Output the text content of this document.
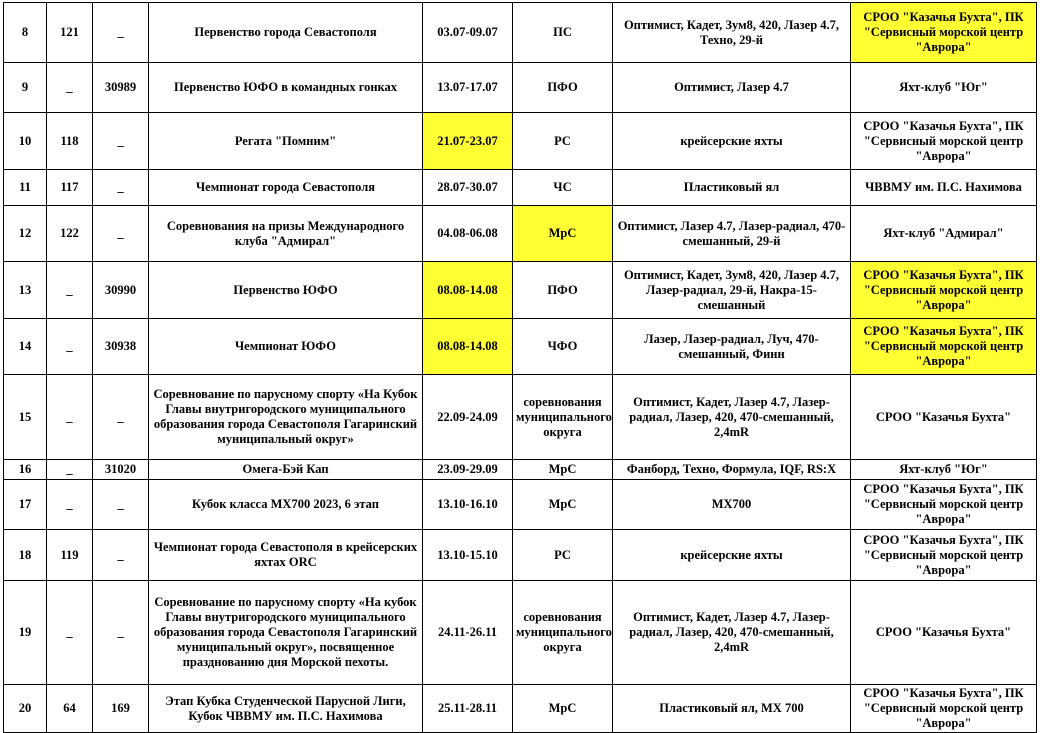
8	121	_	Первенство города Севастополя	03.07-09.07	ПС	Оптимист, Кадет, Зум8, 420, Лазер 4.7, Техно, 29-й	СРОО "Казачья Бухта", ПК "Сервисный морской центр "Аврора"
9	_	30989	Первенство ЮФО в командных гонках	13.07-17.07	ПФО	Оптимист, Лазер 4.7	Яхт-клуб "Юг"
10	118	_	Регата "Помним"	21.07-23.07	РС	крейсерские яхты	СРОО "Казачья Бухта", ПК "Сервисный морской центр "Аврора"
11	117	_	Чемпионат города Севастополя	28.07-30.07	ЧС	Пластиковый ял	ЧВВМУ им. П.С. Нахимова
12	122	_	Соревнования на призы Международного клуба "Адмирал"	04.08-06.08	МрС	Оптимист, Лазер 4.7, Лазер-радиал, 470-смешанный, 29-й	Яхт-клуб "Адмирал"
13	_	30990	Первенство ЮФО	08.08-14.08	ПФО	Оптимист, Кадет, Зум8, 420, Лазер 4.7, Лазер-радиал, 29-й, Накра-15-смешанный	СРОО "Казачья Бухта", ПК "Сервисный морской центр "Аврора"
14	_	30938	Чемпионат ЮФО	08.08-14.08	ЧФО	Лазер, Лазер-радиал, Луч, 470-смешанный, Финн	СРОО "Казачья Бухта", ПК "Сервисный морской центр "Аврора"
15	_	_	Соревнование по парусному спорту «На Кубок Главы внутригородского муниципального образования города Севастополя Гагаринский муниципальный округ»	22.09-24.09	соревнования муниципального округа	Оптимист, Кадет, Лазер 4.7, Лазер-радиал, Лазер, 420, 470-смешанный, 2,4mR	СРОО "Казачья Бухта"
16	_	31020	Омега-Бэй Кап	23.09-29.09	МрС	Фанборд, Техно, Формула, IQF, RS:X	Яхт-клуб "Юг"
17	_	_	Кубок класса МХ700 2023, 6 этап	13.10-16.10	МрС	МХ700	СРОО "Казачья Бухта", ПК "Сервисный морской центр "Аврора"
18	119	_	Чемпионат города Севастополя в крейсерских яхтах ORC	13.10-15.10	РС	крейсерские яхты	СРОО "Казачья Бухта", ПК "Сервисный морской центр "Аврора"
19	_	_	Соревнование по парусному спорту «На кубок Главы внутригородского муниципального образования города Севастополя Гагаринский муниципальный округ», посвященное празднованию дня Морской пехоты.	24.11-26.11	соревнования муниципального округа	Оптимист, Кадет, Лазер 4.7, Лазер-радиал, Лазер, 420, 470-смешанный, 2,4mR	СРОО "Казачья Бухта"
20	64	169	Этап Кубка Студенческой Парусной Лиги, Кубок ЧВВМУ им. П.С. Нахимова	25.11-28.11	МрС	Пластиковый ял, МХ 700	СРОО "Казачья Бухта", ПК "Сервисный морской центр "Аврора"
